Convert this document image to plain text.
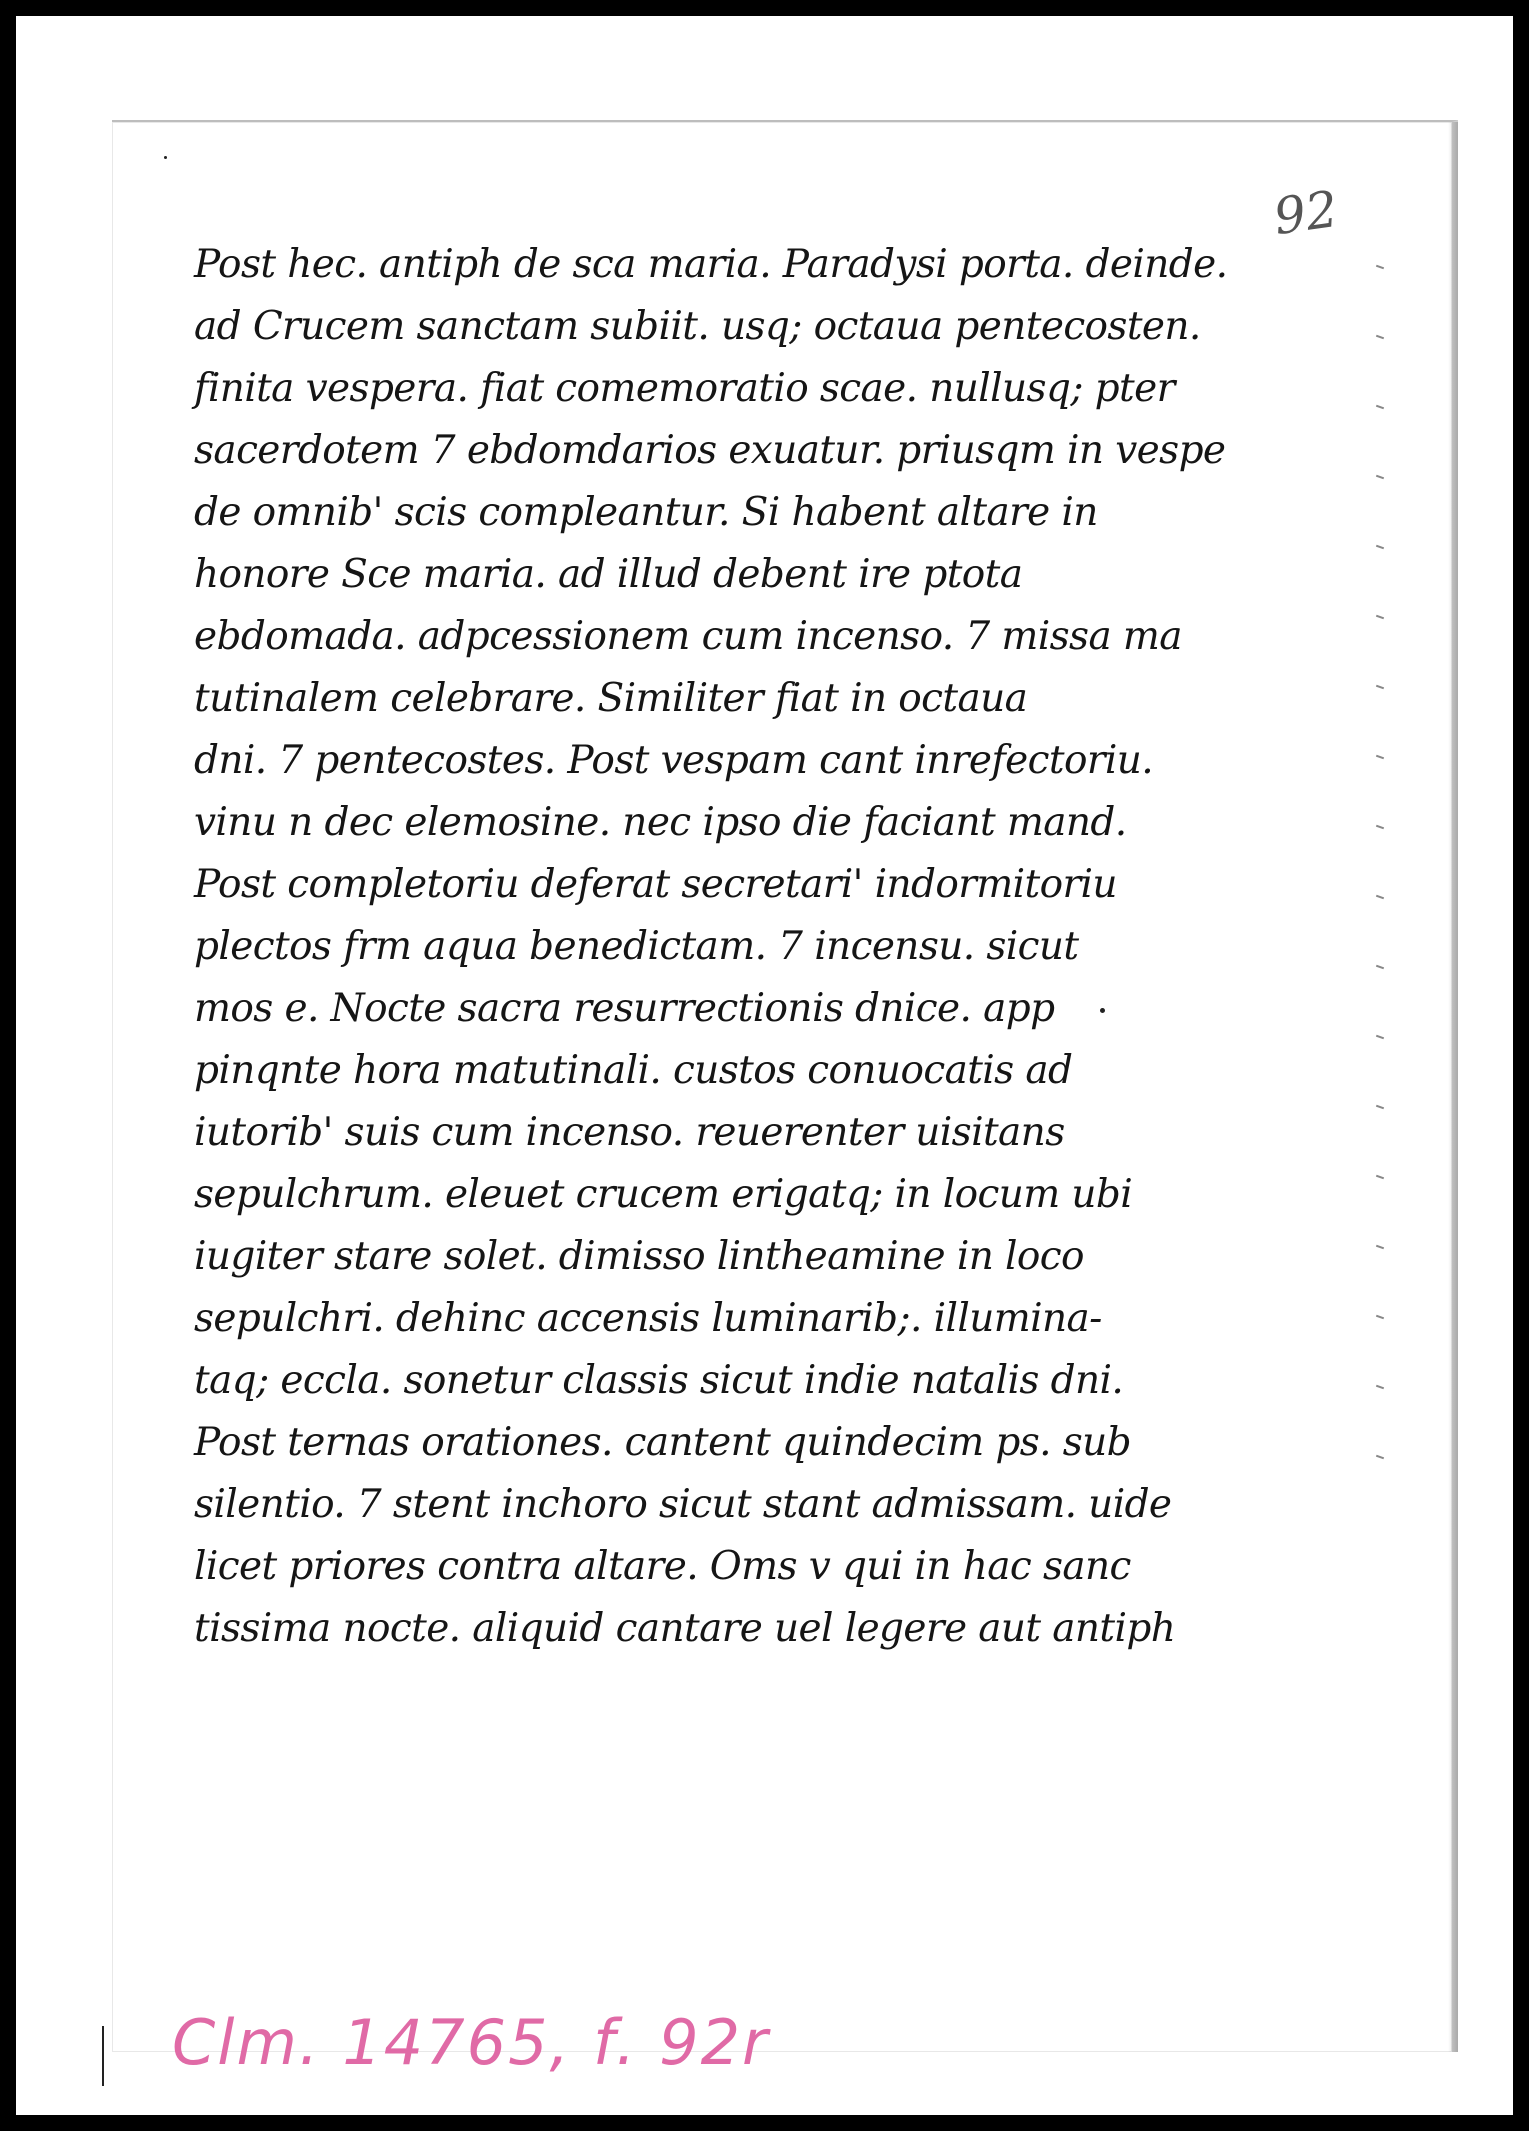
92
Post hec. antiph de sca maria. Paradysi porta. deinde.
ad Crucem sanctam subiit. usq; octaua pentecosten.
finita vespera. fiat comemoratio scae. nullusq; pter
sacerdotem 7 ebdomdarios exuatur. priusqm in vespe
de omnib' scis compleantur. Si habent altare in
honore Sce maria. ad illud debent ire ptota
ebdomada. adpcessionem cum incenso. 7 missa ma
tutinalem celebrare. Similiter fiat in octaua
dni. 7 pentecostes. Post vespam cant inrefectoriu.
vinu n dec elemosine. nec ipso die faciant mand.
Post completoriu deferat secretari' indormitoriu
plectos frm aqua benedictam. 7 incensu. sicut
mos e. Nocte sacra resurrectionis dnice. app
pinqnte hora matutinali. custos conuocatis ad
iutorib' suis cum incenso. reuerenter uisitans
sepulchrum. eleuet crucem erigatq; in locum ubi
iugiter stare solet. dimisso lintheamine in loco
sepulchri. dehinc accensis luminarib;. illumina-
taq; eccla. sonetur classis sicut indie natalis dni.
Post ternas orationes. cantent quindecim ps. sub
silentio. 7 stent inchoro sicut stant admissam. uide
licet priores contra altare. Oms v qui in hac sanc
tissima nocte. aliquid cantare uel legere aut antiph
Clm. 14765, f. 92r
